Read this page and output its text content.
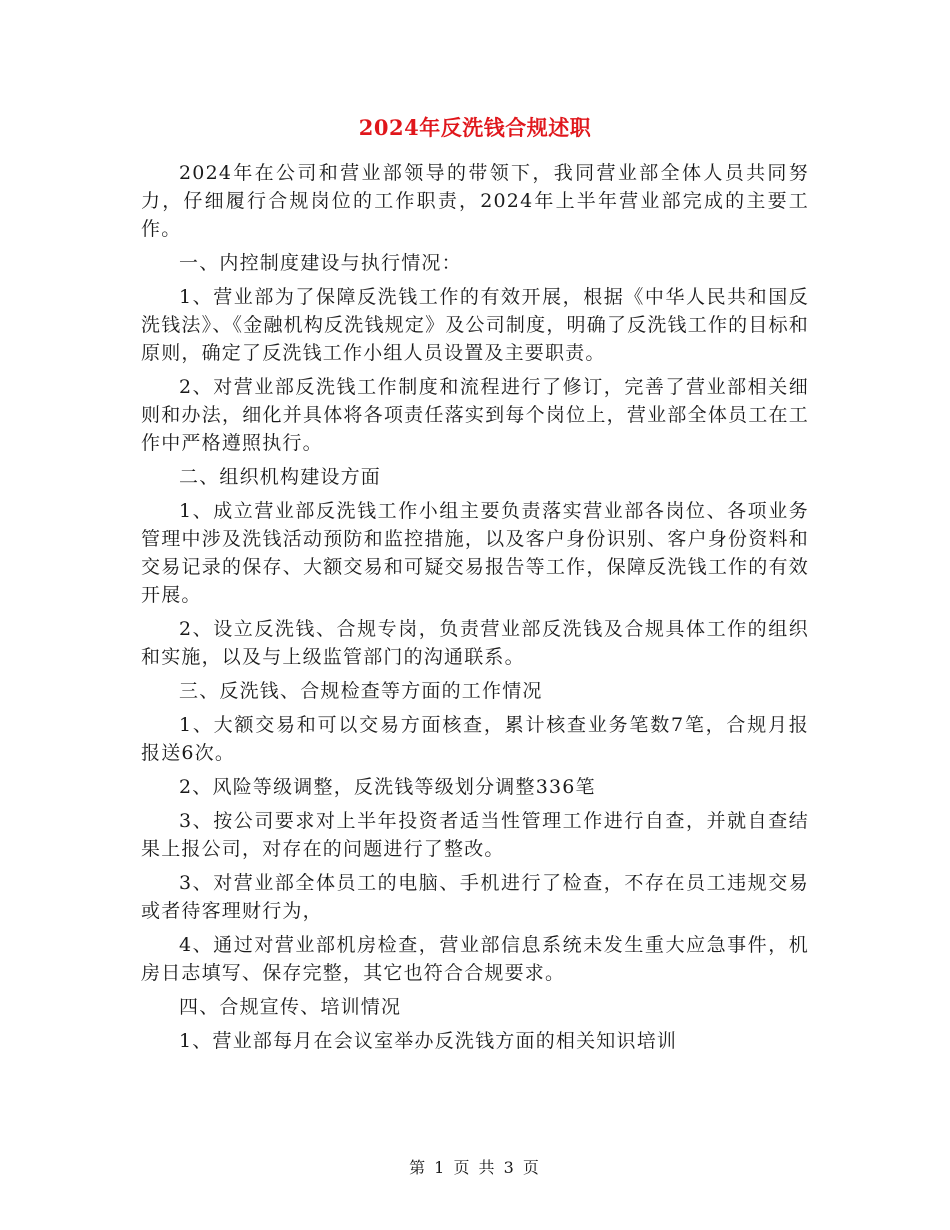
2024年反洗钱合规述职

2024年在公司和营业部领导的带领下，我同营业部全体人员共同努力，仔细履行合规岗位的工作职责，2024年上半年营业部完成的主要工作。

一、内控制度建设与执行情况：

1、营业部为了保障反洗钱工作的有效开展，根据《中华人民共和国反洗钱法》、《金融机构反洗钱规定》及公司制度，明确了反洗钱工作的目标和原则，确定了反洗钱工作小组人员设置及主要职责。

2、对营业部反洗钱工作制度和流程进行了修订，完善了营业部相关细则和办法，细化并具体将各项责任落实到每个岗位上，营业部全体员工在工作中严格遵照执行。

二、组织机构建设方面

1、成立营业部反洗钱工作小组主要负责落实营业部各岗位、各项业务管理中涉及洗钱活动预防和监控措施，以及客户身份识别、客户身份资料和交易记录的保存、大额交易和可疑交易报告等工作，保障反洗钱工作的有效开展。

2、设立反洗钱、合规专岗，负责营业部反洗钱及合规具体工作的组织和实施，以及与上级监管部门的沟通联系。

三、反洗钱、合规检查等方面的工作情况

1、大额交易和可以交易方面核查，累计核查业务笔数7笔，合规月报报送6次。

2、风险等级调整，反洗钱等级划分调整336笔

3、按公司要求对上半年投资者适当性管理工作进行自查，并就自查结果上报公司，对存在的问题进行了整改。

3、对营业部全体员工的电脑、手机进行了检查，不存在员工违规交易或者待客理财行为，

4、通过对营业部机房检查，营业部信息系统未发生重大应急事件，机房日志填写、保存完整，其它也符合合规要求。

四、合规宣传、培训情况

1、营业部每月在会议室举办反洗钱方面的相关知识培训

第 1 页 共 3 页
